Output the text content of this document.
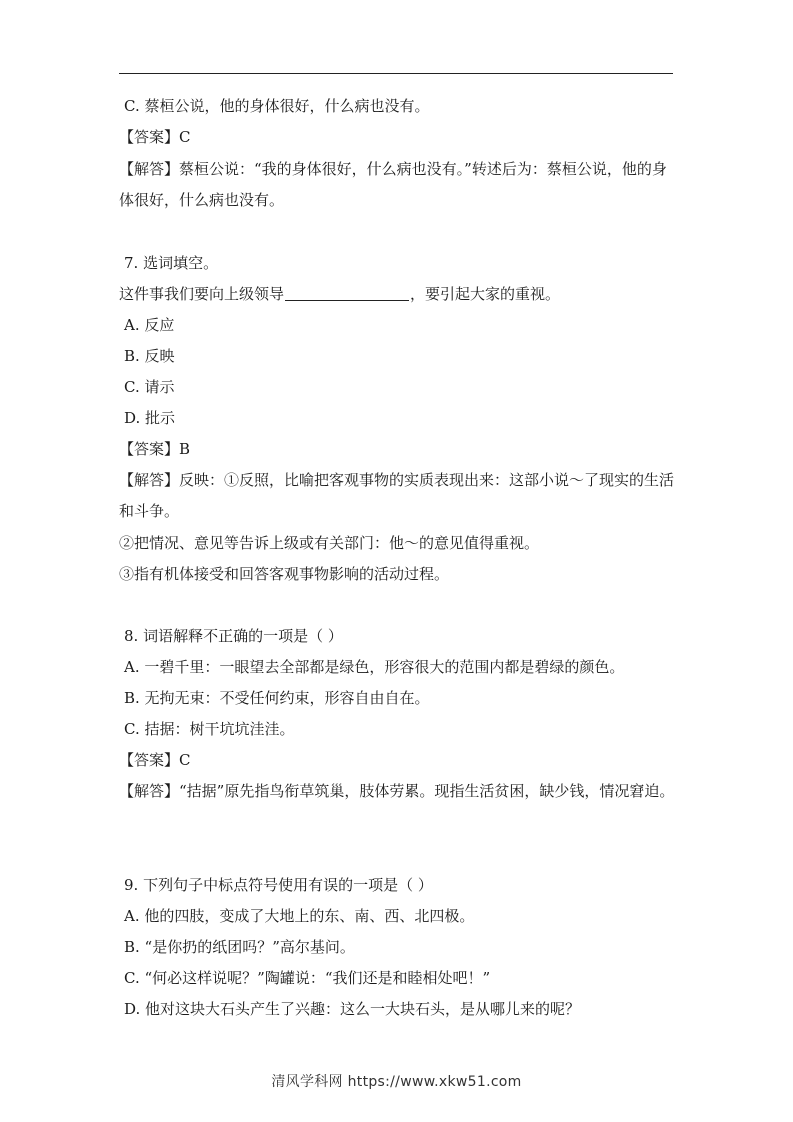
C. 蔡桓公说，他的身体很好，什么病也没有。
【答案】C
【解答】蔡桓公说：“我的身体很好，什么病也没有。”转述后为：蔡桓公说，他的身体很好，什么病也没有。
7. 选词填空。
这件事我们要向上级领导	，要引起大家的重视。
A. 反应
B. 反映
C. 请示
D. 批示
【答案】B
【解答】反映：①反照，比喻把客观事物的实质表现出来：这部小说～了现实的生活和斗争。
②把情况、意见等告诉上级或有关部门：他～的意见值得重视。
③指有机体接受和回答客观事物影响的活动过程。
8. 词语解释不正确的一项是（ ）
A. 一碧千里：一眼望去全部都是绿色，形容很大的范围内都是碧绿的颜色。
B. 无拘无束：不受任何约束，形容自由自在。
C. 拮据：树干坑坑洼洼。
【答案】C
【解答】“拮据”原先指鸟衔草筑巢，肢体劳累。现指生活贫困，缺少钱，情况窘迫。
9. 下列句子中标点符号使用有误的一项是（ ）
A. 他的四肢，变成了大地上的东、南、西、北四极。
B. “是你扔的纸团吗？”高尔基问。
C. “何必这样说呢？”陶罐说：“我们还是和睦相处吧！”
D. 他对这块大石头产生了兴趣：这么一大块石头，是从哪儿来的呢？
清风学科网 https://www.xkw51.com
